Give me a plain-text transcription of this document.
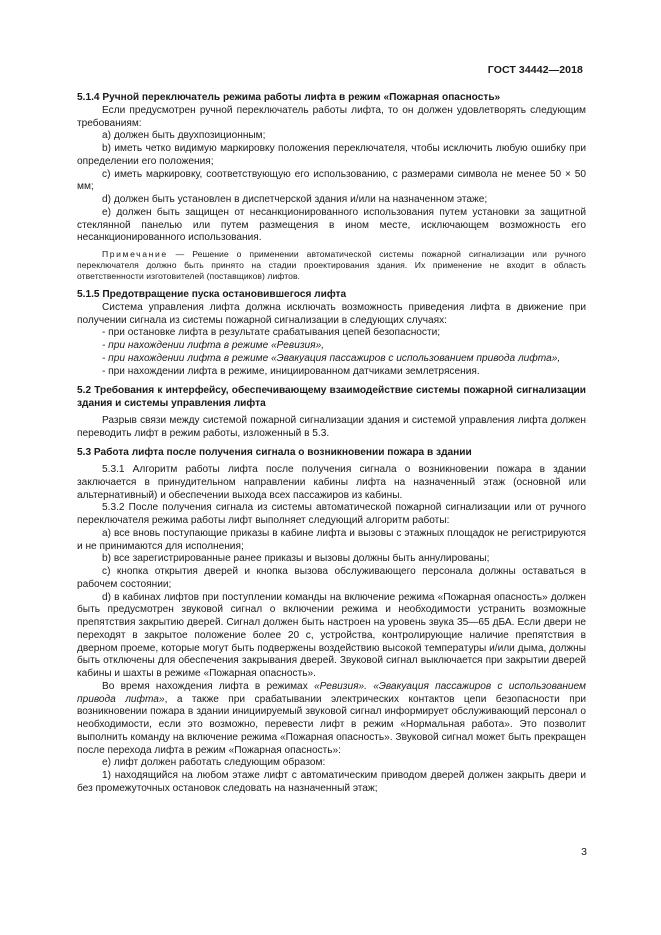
ГОСТ 34442—2018

5.1.4 Ручной переключатель режима работы лифта в режим «Пожарная опасность»

Если предусмотрен ручной переключатель работы лифта, то он должен удовлетворять следующим требованиям:

а) должен быть двухпозиционным;

b) иметь четко видимую маркировку положения переключателя, чтобы исключить любую ошибку при определении его положения;

c) иметь маркировку, соответствующую его использованию, с размерами символа не менее 50 × 50 мм;

d) должен быть установлен в диспетчерской здания и/или на назначенном этаже;

е) должен быть защищен от несанкционированного использования путем установки за защитной стеклянной панелью или путем размещения в ином месте, исключающем возможность его несанкционированного использования.

Примечание — Решение о применении автоматической системы пожарной сигнализации или ручного переключателя должно быть принято на стадии проектирования здания. Их применение не входит в область ответственности изготовителей (поставщиков) лифтов.

5.1.5 Предотвращение пуска остановившегося лифта

Система управления лифта должна исключать возможность приведения лифта в движение при получении сигнала из системы пожарной сигнализации в следующих случаях:

- при остановке лифта в результате срабатывания цепей безопасности;

- при нахождении лифта в режиме «Ревизия»,

- при нахождении лифта в режиме «Эвакуация пассажиров с использованием привода лифта»,

- при нахождении лифта в режиме, инициированном датчиками землетрясения.

5.2 Требования к интерфейсу, обеспечивающему взаимодействие системы пожарной сигнализации здания и системы управления лифта

Разрыв связи между системой пожарной сигнализации здания и системой управления лифта должен переводить лифт в режим работы, изложенный в 5.3.

5.3 Работа лифта после получения сигнала о возникновении пожара в здании

5.3.1 Алгоритм работы лифта после получения сигнала о возникновении пожара в здании заключается в принудительном направлении кабины лифта на назначенный этаж (основной или альтернативный) и обеспечении выхода всех пассажиров из кабины.

5.3.2 После получения сигнала из системы автоматической пожарной сигнализации или от ручного переключателя режима работы лифт выполняет следующий алгоритм работы:

а) все вновь поступающие приказы в кабине лифта и вызовы с этажных площадок не регистрируются и не принимаются для исполнения;

b) все зарегистрированные ранее приказы и вызовы должны быть аннулированы;

c) кнопка открытия дверей и кнопка вызова обслуживающего персонала должны оставаться в рабочем состоянии;

d) в кабинах лифтов при поступлении команды на включение режима «Пожарная опасность» должен быть предусмотрен звуковой сигнал о включении режима и необходимости устранить возможные препятствия закрытию дверей. Сигнал должен быть настроен на уровень звука 35—65 дБА. Если двери не переходят в закрытое положение более 20 с, устройства, контролирующие наличие препятствия в дверном проеме, которые могут быть подвержены воздействию высокой температуры и/или дыма, должны быть отключены для обеспечения закрывания дверей. Звуковой сигнал выключается при закрытии дверей кабины и шахты в режиме «Пожарная опасность».

Во время нахождения лифта в режимах «Ревизия». «Эвакуация пассажиров с использованием привода лифта», а также при срабатывании электрических контактов цепи безопасности при возникновении пожара в здании инициируемый звуковой сигнал информирует обслуживающий персонал о необходимости, если это возможно, перевести лифт в режим «Нормальная работа». Это позволит выполнить команду на включение режима «Пожарная опасность». Звуковой сигнал может быть прекращен после перехода лифта в режим «Пожарная опасность»:

е) лифт должен работать следующим образом:

1) находящийся на любом этаже лифт с автоматическим приводом дверей должен закрыть двери и без промежуточных остановок следовать на назначенный этаж;

3
